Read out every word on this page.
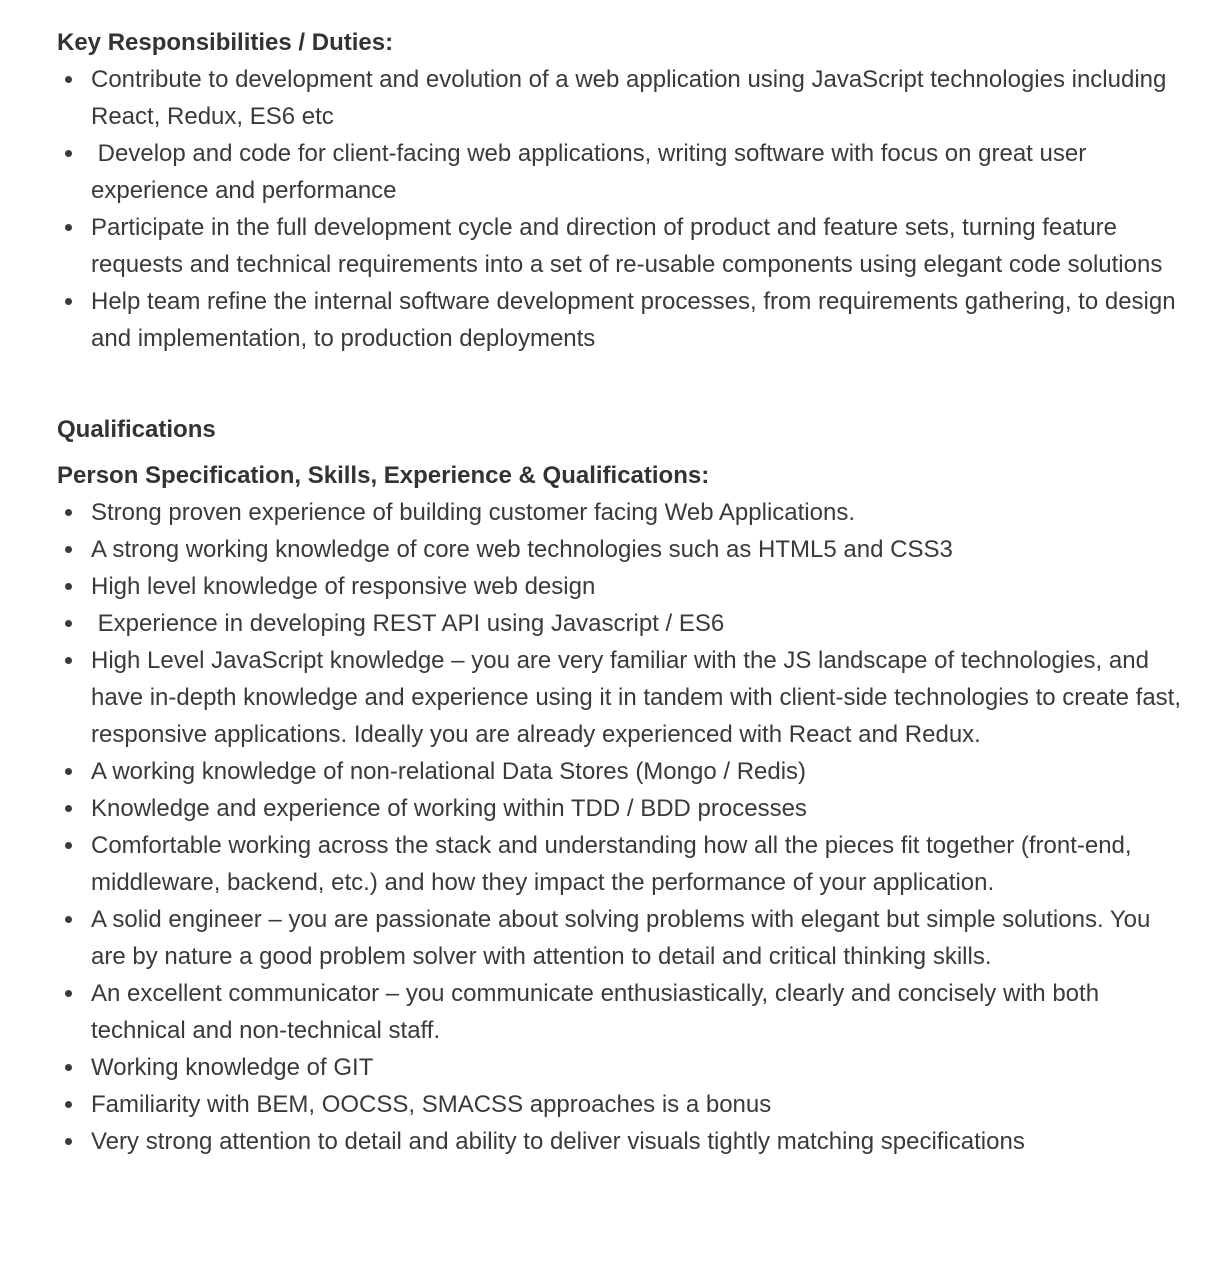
Key Responsibilities / Duties:

Contribute to development and evolution of a web application using JavaScript technologies including React, Redux, ES6 etc
Develop and code for client-facing web applications, writing software with focus on great user experience and performance
Participate in the full development cycle and direction of product and feature sets, turning feature requests and technical requirements into a set of re-usable components using elegant code solutions
Help team refine the internal software development processes, from requirements gathering, to design and implementation, to production deployments

Qualifications

Person Specification, Skills, Experience & Qualifications:

Strong proven experience of building customer facing Web Applications.
A strong working knowledge of core web technologies such as HTML5 and CSS3
High level knowledge of responsive web design
Experience in developing REST API using Javascript / ES6
High Level JavaScript knowledge – you are very familiar with the JS landscape of technologies, and have in-depth knowledge and experience using it in tandem with client-side technologies to create fast, responsive applications. Ideally you are already experienced with React and Redux.
A working knowledge of non-relational Data Stores (Mongo / Redis)
Knowledge and experience of working within TDD / BDD processes
Comfortable working across the stack and understanding how all the pieces fit together (front-end, middleware, backend, etc.) and how they impact the performance of your application.
A solid engineer – you are passionate about solving problems with elegant but simple solutions. You are by nature a good problem solver with attention to detail and critical thinking skills.
An excellent communicator – you communicate enthusiastically, clearly and concisely with both technical and non-technical staff.
Working knowledge of GIT
Familiarity with BEM, OOCSS, SMACSS approaches is a bonus
Very strong attention to detail and ability to deliver visuals tightly matching specifications
